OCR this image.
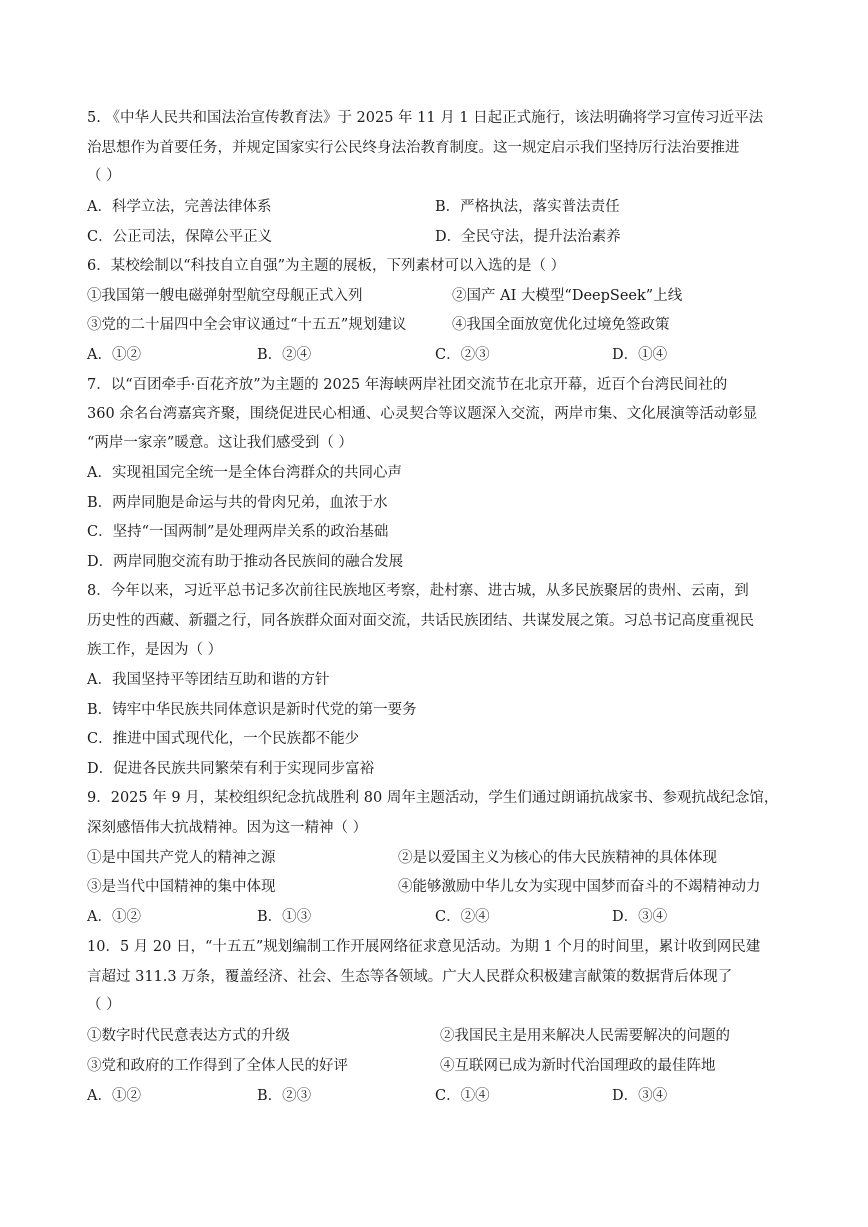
5. 《中华人民共和国法治宣传教育法》于 2025 年 11 月 1 日起正式施行，该法明确将学习宣传习近平法
治思想作为首要任务，并规定国家实行公民终身法治教育制度。这一规定启示我们坚持厉行法治要推进
（ ）
A．科学立法，完善法律体系	B．严格执法，落实普法责任
C．公正司法，保障公平正义	D．全民守法，提升法治素养
6．某校绘制以“科技自立自强”为主题的展板，下列素材可以入选的是（ ）
①我国第一艘电磁弹射型航空母舰正式入列	②国产 AI 大模型“DeepSeek”上线
③党的二十届四中全会审议通过“十五五”规划建议	④我国全面放宽优化过境免签政策
A．①②	B．②④	C．②③	D．①④
7．以“百团牵手·百花齐放”为主题的 2025 年海峡两岸社团交流节在北京开幕，近百个台湾民间社的
360 余名台湾嘉宾齐聚，围绕促进民心相通、心灵契合等议题深入交流，两岸市集、文化展演等活动彰显
“两岸一家亲”暖意。这让我们感受到（ ）
A．实现祖国完全统一是全体台湾群众的共同心声
B．两岸同胞是命运与共的骨肉兄弟，血浓于水
C．坚持“一国两制”是处理两岸关系的政治基础
D．两岸同胞交流有助于推动各民族间的融合发展
8．今年以来，习近平总书记多次前往民族地区考察，赴村寨、进古城，从多民族聚居的贵州、云南，到
历史性的西藏、新疆之行，同各族群众面对面交流，共话民族团结、共谋发展之策。习总书记高度重视民
族工作，是因为（ ）
A．我国坚持平等团结互助和谐的方针
B．铸牢中华民族共同体意识是新时代党的第一要务
C．推进中国式现代化，一个民族都不能少
D．促进各民族共同繁荣有利于实现同步富裕
9．2025 年 9 月，某校组织纪念抗战胜利 80 周年主题活动，学生们通过朗诵抗战家书、参观抗战纪念馆，
深刻感悟伟大抗战精神。因为这一精神（ ）
①是中国共产党人的精神之源	②是以爱国主义为核心的伟大民族精神的具体体现
③是当代中国精神的集中体现	④能够激励中华儿女为实现中国梦而奋斗的不竭精神动力
A．①②	B．①③	C．②④	D．③④
10．5 月 20 日，“十五五”规划编制工作开展网络征求意见活动。为期 1 个月的时间里，累计收到网民建
言超过 311.3 万条，覆盖经济、社会、生态等各领域。广大人民群众积极建言献策的数据背后体现了
（ ）
①数字时代民意表达方式的升级	②我国民主是用来解决人民需要解决的问题的
③党和政府的工作得到了全体人民的好评	④互联网已成为新时代治国理政的最佳阵地
A．①②	B．②③	C．①④	D．③④
